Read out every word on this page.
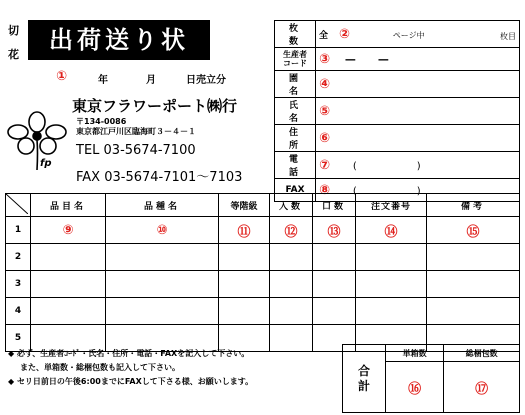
切
花
出荷送り状
①	年	月	日売立分
fp
東京フラワーポート㈱行
〒134-0086
東京都江戸川区臨海町３－４－１
TEL 03-5674-7100
FAX 03-5674-7101～7103
枚　数	全 ② ページ中 枚目

生産者
コード	③ —　　—
園　名	④
氏　名	⑤
住　所	⑥
電　話	⑦ (　　　　　　)
FAX	⑧ (　　　　　　)
	品目名	品種名	等階級	入数	口数	注文番号	備考
1	⑨	⑩	⑪	⑫	⑬	⑭	⑮
2							
3							
4							
5							
◆ 必ず、生産者ｺｰﾄﾞ・氏名・住所・電話・FAXを記入して下さい。
また、単箱数・総梱包数も記入して下さい。
◆ セリ日前日の午後6:00までにFAXして下さる様、お願いします。
合
計	単箱数	総梱包数
	⑯	⑰
